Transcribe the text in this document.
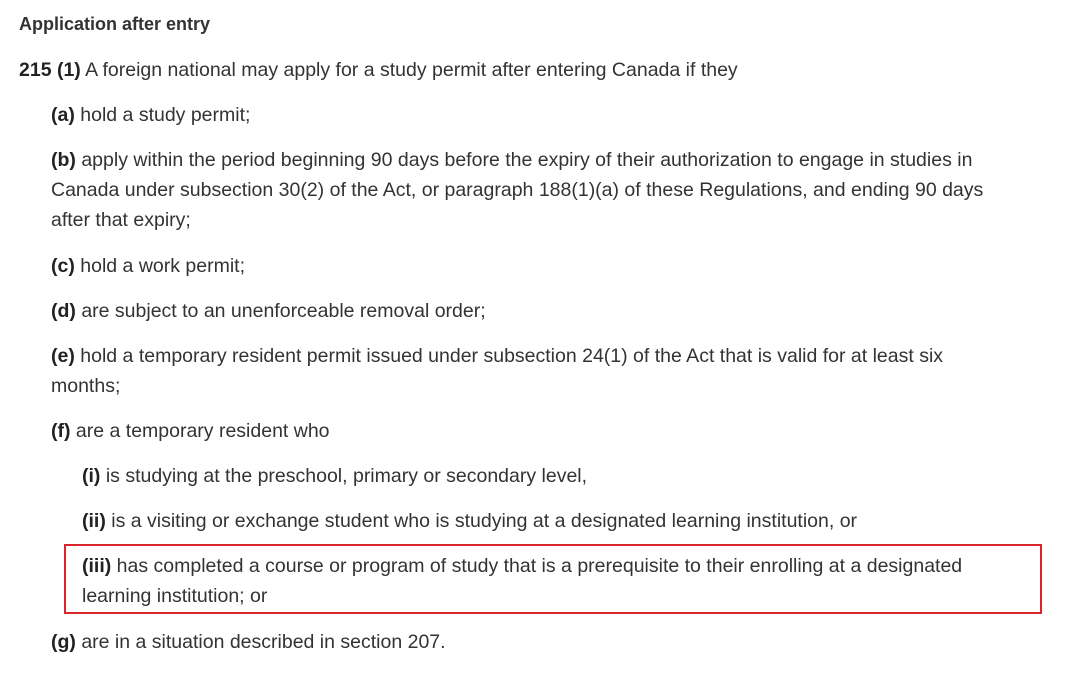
Application after entry
215 (1) A foreign national may apply for a study permit after entering Canada if they
(a) hold a study permit;
(b) apply within the period beginning 90 days before the expiry of their authorization to engage in studies in
Canada under subsection 30(2) of the Act, or paragraph 188(1)(a) of these Regulations, and ending 90 days
after that expiry;
(c) hold a work permit;
(d) are subject to an unenforceable removal order;
(e) hold a temporary resident permit issued under subsection 24(1) of the Act that is valid for at least six
months;
(f) are a temporary resident who
(i) is studying at the preschool, primary or secondary level,
(ii) is a visiting or exchange student who is studying at a designated learning institution, or
(iii) has completed a course or program of study that is a prerequisite to their enrolling at a designated
learning institution; or
(g) are in a situation described in section 207.
